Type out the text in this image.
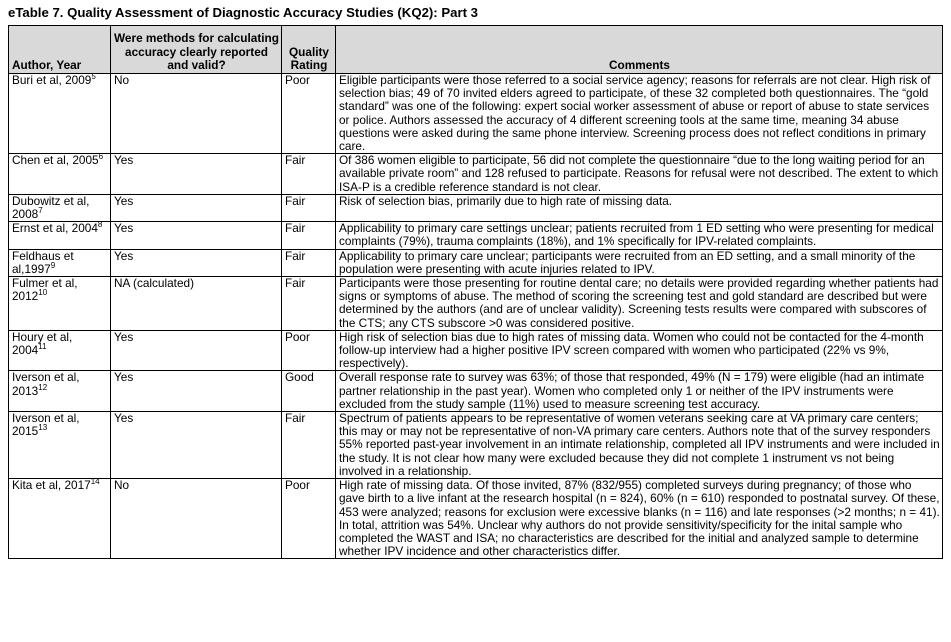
eTable 7. Quality Assessment of Diagnostic Accuracy Studies (KQ2): Part 3
Author, Year	Were methods for calculating accuracy clearly reported and valid?	Quality Rating	Comments
Buri et al, 2009$^5$	No	Poor	Eligible participants were those referred to a social service agency; reasons for referrals are not clear. High risk of selection bias; 49 of 70 invited elders agreed to participate, of these 32 completed both questionnaires. The “gold standard” was one of the following: expert social worker assessment of abuse or report of abuse to state services or police. Authors assessed the accuracy of 4 different screening tools at the same time, meaning 34 abuse questions were asked during the same phone interview. Screening process does not reflect conditions in primary care.
Chen et al, 2005$^6$	Yes	Fair	Of 386 women eligible to participate, 56 did not complete the questionnaire “due to the long waiting period for an available private room” and 128 refused to participate. Reasons for refusal were not described. The extent to which ISA-P is a credible reference standard is not clear.
Dubowitz et al, 2008$^7$	Yes	Fair	Risk of selection bias, primarily due to high rate of missing data.
Ernst et al, 2004$^8$	Yes	Fair	Applicability to primary care settings unclear; patients recruited from 1 ED setting who were presenting for medical complaints (79%), trauma complaints (18%), and 1% specifically for IPV-related complaints.
Feldhaus et al,1997$^9$	Yes	Fair	Applicability to primary care unclear; participants were recruited from an ED setting, and a small minority of the population were presenting with acute injuries related to IPV.
Fulmer et al, 2012$^{10}$	NA (calculated)	Fair	Participants were those presenting for routine dental care; no details were provided regarding whether patients had signs or symptoms of abuse. The method of scoring the screening test and gold standard are described but were determined by the authors (and are of unclear validity). Screening tests results were compared with subscores of the CTS; any CTS subscore >0 was considered positive.
Houry et al, 2004$^{11}$	Yes	Poor	High risk of selection bias due to high rates of missing data. Women who could not be contacted for the 4-month follow-up interview had a higher positive IPV screen compared with women who participated (22% vs 9%, respectively).
Iverson et al, 2013$^{12}$	Yes	Good	Overall response rate to survey was 63%; of those that responded, 49% (N = 179) were eligible (had an intimate partner relationship in the past year). Women who completed only 1 or neither of the IPV instruments were excluded from the study sample (11%) used to measure screening test accuracy.
Iverson et al, 2015$^{13}$	Yes	Fair	Spectrum of patients appears to be representative of women veterans seeking care at VA primary care centers; this may or may not be representative of non-VA primary care centers. Authors note that of the survey responders 55% reported past-year involvement in an intimate relationship, completed all IPV instruments and were included in the study. It is not clear how many were excluded because they did not complete 1 instrument vs not being involved in a relationship.
Kita et al, 2017$^{14}$	No	Poor	High rate of missing data. Of those invited, 87% (832/955) completed surveys during pregnancy; of those who gave birth to a live infant at the research hospital (n = 824), 60% (n = 610) responded to postnatal survey. Of these, 453 were analyzed; reasons for exclusion were excessive blanks (n = 116) and late responses (>2 months; n = 41). In total, attrition was 54%. Unclear why authors do not provide sensitivity/specificity for the inital sample who completed the WAST and ISA; no characteristics are described for the initial and analyzed sample to determine whether IPV incidence and other characteristics differ.
